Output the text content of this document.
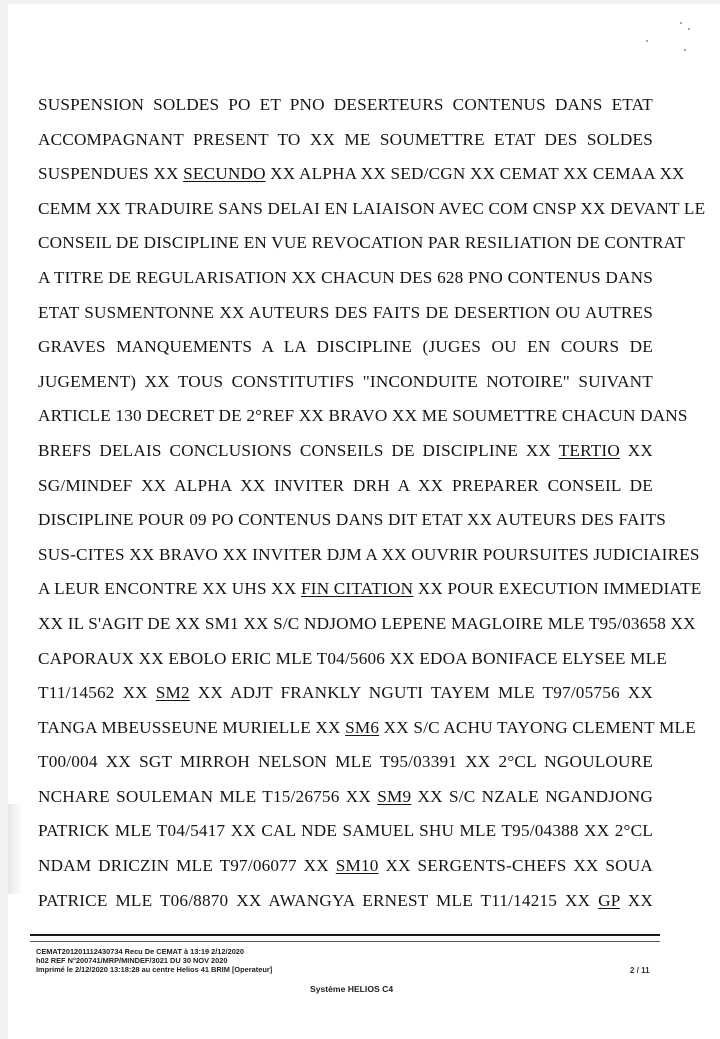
SUSPENSION SOLDES PO ET PNO DESERTEURS CONTENUS DANS ETAT
ACCOMPAGNANT PRESENT TO XX ME SOUMETTRE ETAT DES SOLDES
SUSPENDUES XX SECUNDO XX ALPHA XX SED/CGN XX CEMAT XX CEMAA XX
CEMM XX TRADUIRE SANS DELAI EN LAIAISON AVEC COM CNSP XX DEVANT LE
CONSEIL DE DISCIPLINE EN VUE REVOCATION PAR RESILIATION DE CONTRAT
A TITRE DE REGULARISATION XX CHACUN DES 628 PNO CONTENUS DANS
ETAT SUSMENTONNE XX AUTEURS DES FAITS DE DESERTION OU AUTRES
GRAVES MANQUEMENTS A LA DISCIPLINE (JUGES OU EN COURS DE
JUGEMENT) XX TOUS CONSTITUTIFS "INCONDUITE NOTOIRE" SUIVANT
ARTICLE 130 DECRET DE 2°REF XX BRAVO XX ME SOUMETTRE CHACUN DANS
BREFS DELAIS CONCLUSIONS CONSEILS DE DISCIPLINE XX TERTIO XX
SG/MINDEF XX ALPHA XX INVITER DRH A XX PREPARER CONSEIL DE
DISCIPLINE POUR 09 PO CONTENUS DANS DIT ETAT XX AUTEURS DES FAITS
SUS-CITES XX BRAVO XX INVITER DJM A XX OUVRIR POURSUITES JUDICIAIRES
A LEUR ENCONTRE XX UHS XX FIN CITATION XX POUR EXECUTION IMMEDIATE
XX IL S'AGIT DE XX SM1 XX S/C NDJOMO LEPENE MAGLOIRE MLE T95/03658 XX
CAPORAUX XX EBOLO ERIC MLE T04/5606 XX EDOA BONIFACE ELYSEE MLE
T11/14562 XX SM2 XX ADJT FRANKLY NGUTI TAYEM MLE T97/05756 XX
TANGA MBEUSSEUNE MURIELLE XX SM6 XX S/C ACHU TAYONG CLEMENT MLE
T00/004 XX SGT MIRROH NELSON MLE T95/03391 XX 2°CL NGOULOURE
NCHARE SOULEMAN MLE T15/26756 XX SM9 XX S/C NZALE NGANDJONG
PATRICK MLE T04/5417 XX CAL NDE SAMUEL SHU MLE T95/04388 XX 2°CL
NDAM DRICZIN MLE T97/06077 XX SM10 XX SERGENTS-CHEFS XX SOUA
PATRICE MLE T06/8870 XX AWANGYA ERNEST MLE T11/14215 XX GP XX
CEMAT201201112430734 Recu De CEMAT à 13:19 2/12/2020
h02 REF N°200741/MRP/MINDEF/3021 DU 30 NOV 2020
Imprimé le 2/12/2020 13:18:28 au centre Helios 41 BRIM [Operateur]	2 / 11
Système HELIOS C4
